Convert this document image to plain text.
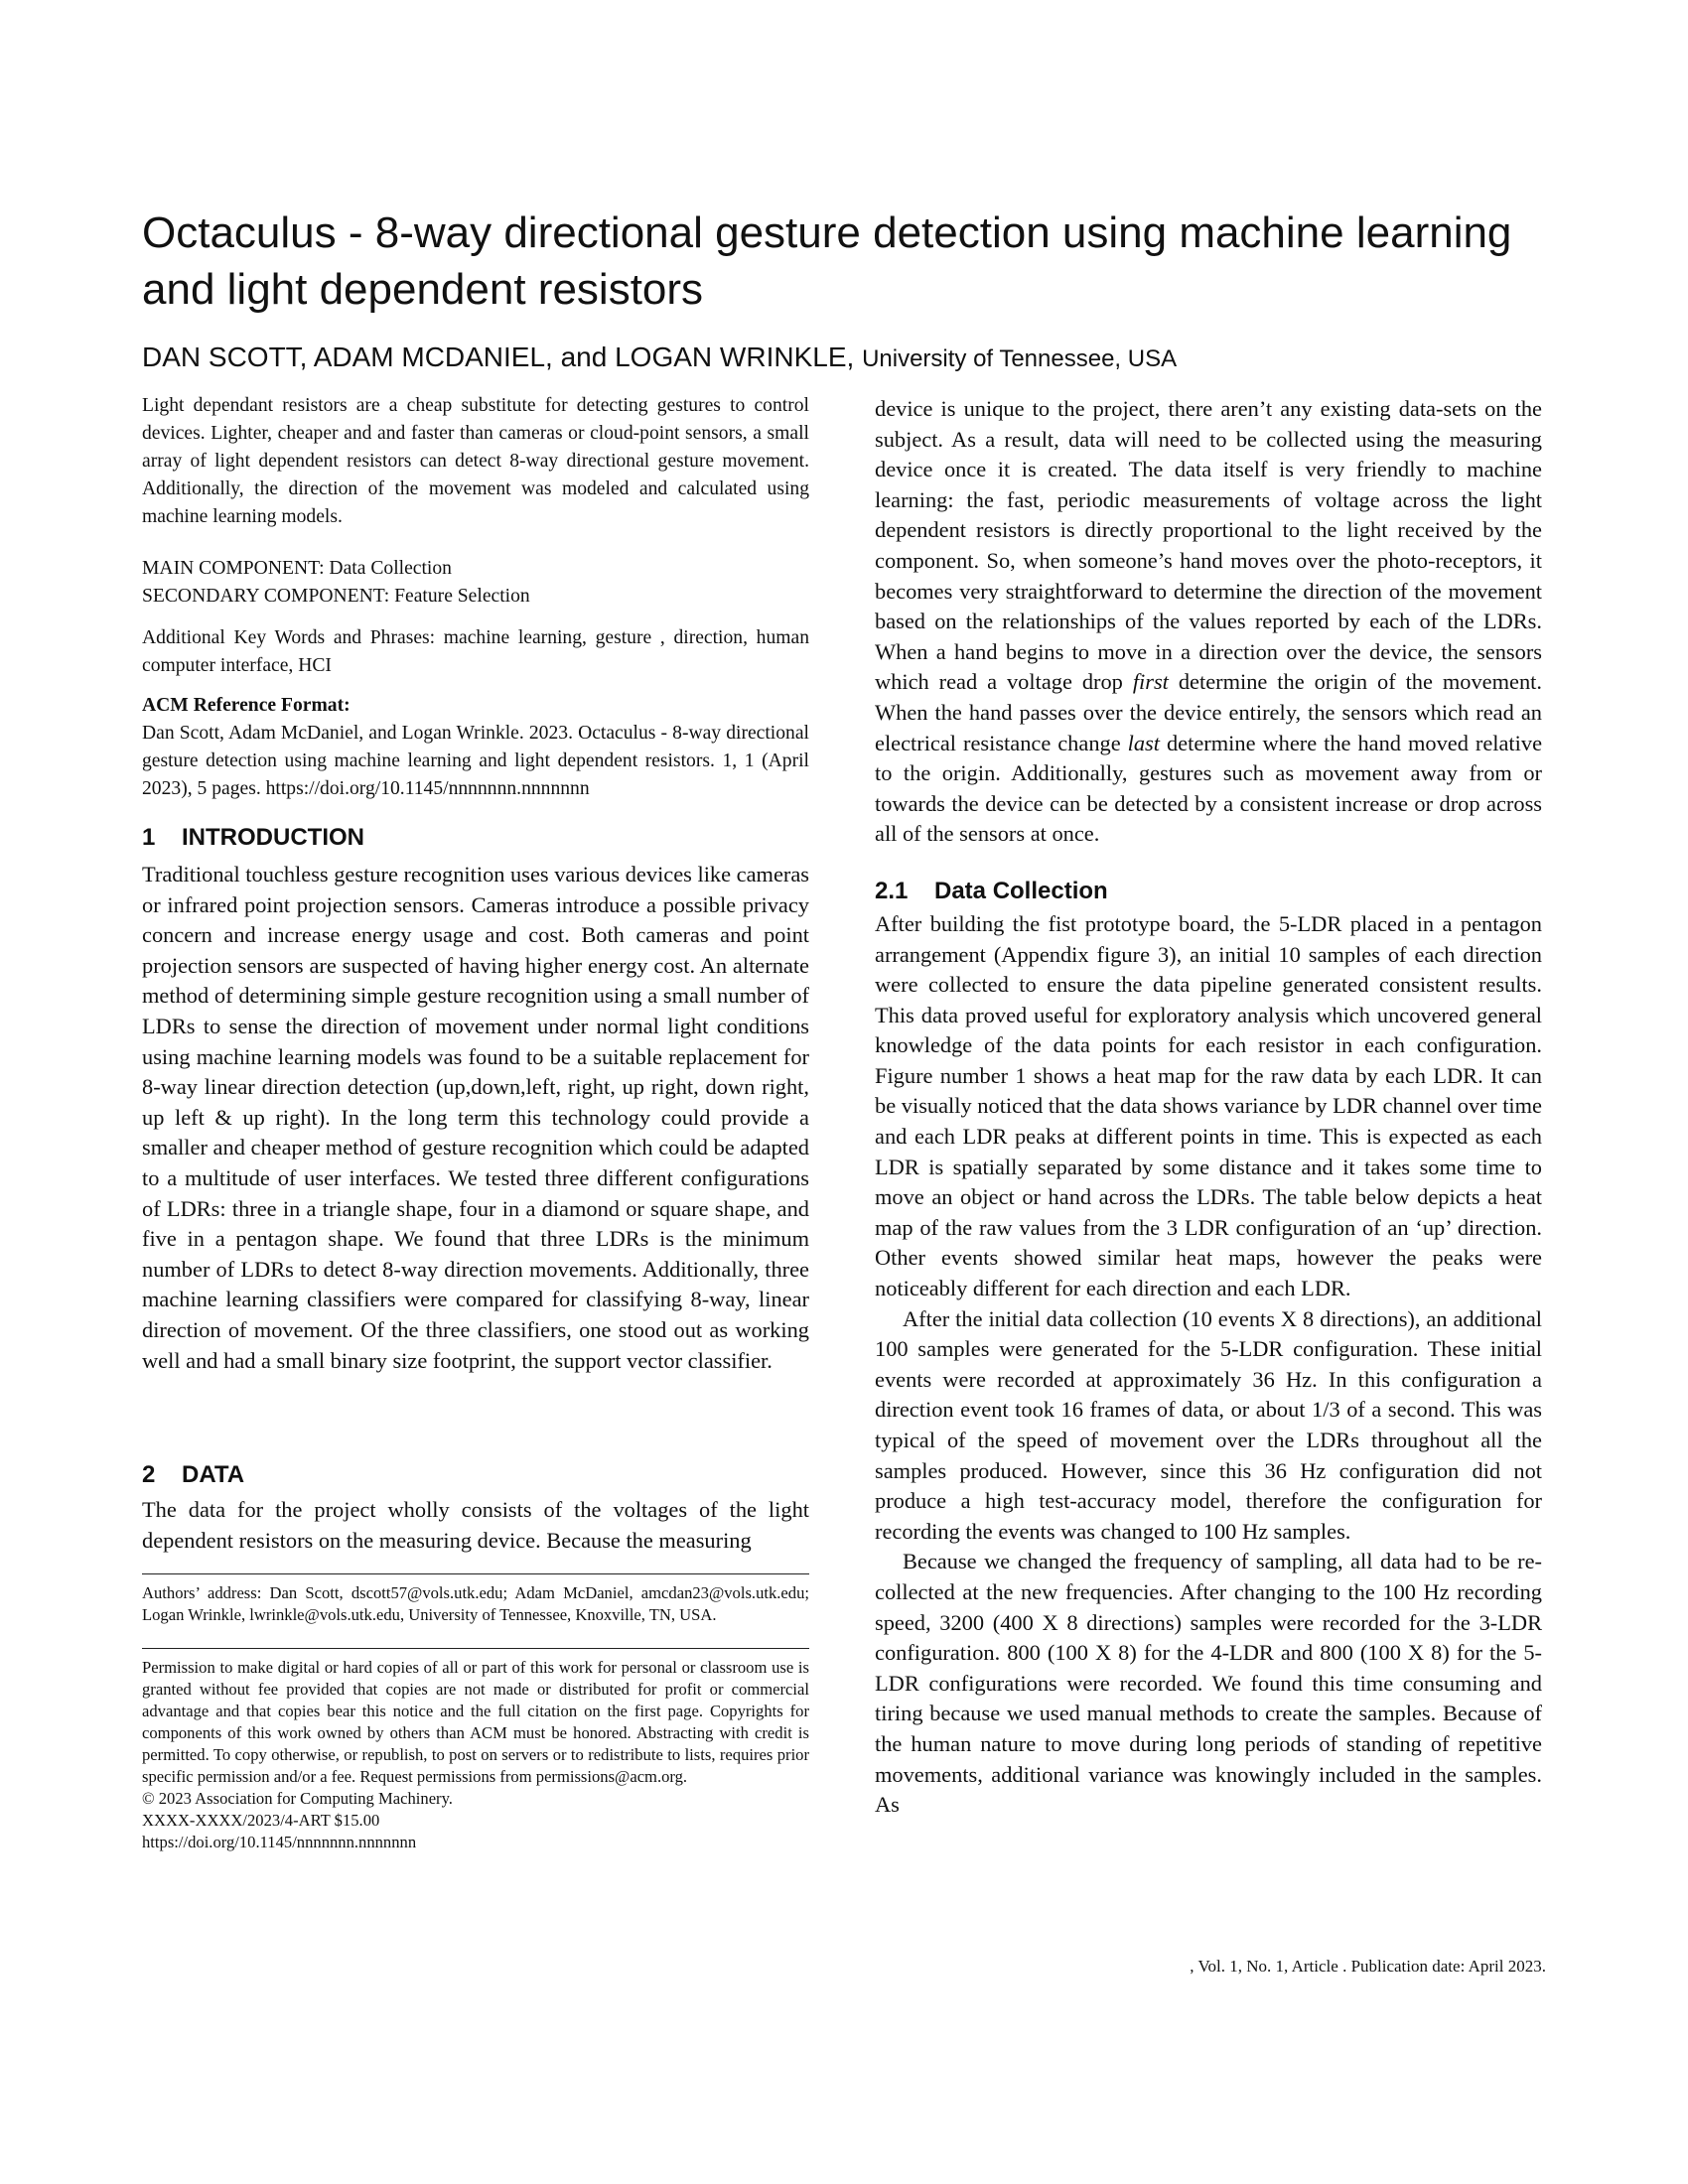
Octaculus - 8-way directional gesture detection using machine learning and light dependent resistors
DAN SCOTT, ADAM MCDANIEL, and LOGAN WRINKLE, University of Tennessee, USA

Light dependant resistors are a cheap substitute for detecting gestures to control devices. Lighter, cheaper and and faster than cameras or cloud-point sensors, a small array of light dependent resistors can detect 8-way directional gesture movement. Additionally, the direction of the movement was modeled and calculated using machine learning models.

MAIN COMPONENT: Data Collection

SECONDARY COMPONENT: Feature Selection

Additional Key Words and Phrases: machine learning, gesture , direction, human computer interface, HCI

ACM Reference Format:

Dan Scott, Adam McDaniel, and Logan Wrinkle. 2023. Octaculus - 8-way directional gesture detection using machine learning and light dependent resistors. 1, 1 (April 2023), 5 pages. https://doi.org/10.1145/nnnnnnn.nnnnnnn

1 INTRODUCTION

Traditional touchless gesture recognition uses various devices like cameras or infrared point projection sensors. Cameras introduce a possible privacy concern and increase energy usage and cost. Both cameras and point projection sensors are suspected of having higher energy cost. An alternate method of determining simple gesture recognition using a small number of LDRs to sense the direction of movement under normal light conditions using machine learning models was found to be a suitable replacement for 8-way linear direction detection (up,down,left, right, up right, down right, up left & up right). In the long term this technology could provide a smaller and cheaper method of gesture recognition which could be adapted to a multitude of user interfaces. We tested three different configurations of LDRs: three in a triangle shape, four in a diamond or square shape, and five in a pentagon shape. We found that three LDRs is the minimum number of LDRs to detect 8-way direction movements. Additionally, three machine learning classifiers were compared for classifying 8-way, linear direction of movement. Of the three classifiers, one stood out as working well and had a small binary size footprint, the support vector classifier.

2 DATA

The data for the project wholly consists of the voltages of the light dependent resistors on the measuring device. Because the measuring

Authors’ address: Dan Scott, dscott57@vols.utk.edu; Adam McDaniel, amcdan23@vols.utk.edu; Logan Wrinkle, lwrinkle@vols.utk.edu, University of Tennessee, Knoxville, TN, USA.

Permission to make digital or hard copies of all or part of this work for personal or classroom use is granted without fee provided that copies are not made or distributed for profit or commercial advantage and that copies bear this notice and the full citation on the first page. Copyrights for components of this work owned by others than ACM must be honored. Abstracting with credit is permitted. To copy otherwise, or republish, to post on servers or to redistribute to lists, requires prior specific permission and/or a fee. Request permissions from permissions@acm.org.

© 2023 Association for Computing Machinery.

XXXX-XXXX/2023/4-ART $15.00

https://doi.org/10.1145/nnnnnnn.nnnnnnn

device is unique to the project, there aren’t any existing data-sets on the subject. As a result, data will need to be collected using the measuring device once it is created. The data itself is very friendly to machine learning: the fast, periodic measurements of voltage across the light dependent resistors is directly proportional to the light received by the component. So, when someone’s hand moves over the photo-receptors, it becomes very straightforward to determine the direction of the movement based on the relationships of the values reported by each of the LDRs. When a hand begins to move in a direction over the device, the sensors which read a voltage drop first determine the origin of the movement. When the hand passes over the device entirely, the sensors which read an electrical resistance change last determine where the hand moved relative to the origin. Additionally, gestures such as movement away from or towards the device can be detected by a consistent increase or drop across all of the sensors at once.

2.1 Data Collection

After building the fist prototype board, the 5-LDR placed in a pentagon arrangement (Appendix figure 3), an initial 10 samples of each direction were collected to ensure the data pipeline generated consistent results. This data proved useful for exploratory analysis which uncovered general knowledge of the data points for each resistor in each configuration. Figure number 1 shows a heat map for the raw data by each LDR. It can be visually noticed that the data shows variance by LDR channel over time and each LDR peaks at different points in time. This is expected as each LDR is spatially separated by some distance and it takes some time to move an object or hand across the LDRs. The table below depicts a heat map of the raw values from the 3 LDR configuration of an ‘up’ direction. Other events showed similar heat maps, however the peaks were noticeably different for each direction and each LDR.

After the initial data collection (10 events X 8 directions), an additional 100 samples were generated for the 5-LDR configuration. These initial events were recorded at approximately 36 Hz. In this configuration a direction event took 16 frames of data, or about 1/3 of a second. This was typical of the speed of movement over the LDRs throughout all the samples produced. However, since this 36 Hz configuration did not produce a high test-accuracy model, therefore the configuration for recording the events was changed to 100 Hz samples.

Because we changed the frequency of sampling, all data had to be re-collected at the new frequencies. After changing to the 100 Hz recording speed, 3200 (400 X 8 directions) samples were recorded for the 3-LDR configuration. 800 (100 X 8) for the 4-LDR and 800 (100 X 8) for the 5-LDR configurations were recorded. We found this time consuming and tiring because we used manual methods to create the samples. Because of the human nature to move during long periods of standing of repetitive movements, additional variance was knowingly included in the samples. As

, Vol. 1, No. 1, Article . Publication date: April 2023.
